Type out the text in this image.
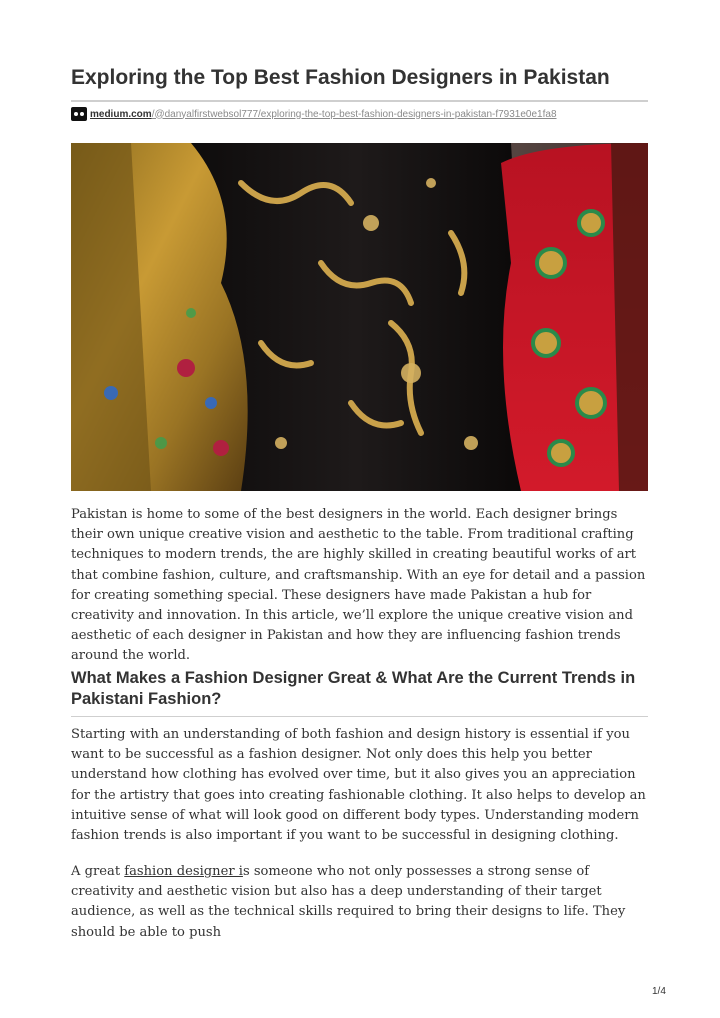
Exploring the Top Best Fashion Designers in Pakistan
medium.com /@danyalfirstwebsol777/exploring-the-top-best-fashion-designers-in-pakistan-f7931e0e1fa8

Pakistan is home to some of the best designers in the world. Each designer brings their own unique creative vision and aesthetic to the table. From traditional crafting techniques to modern trends, the are highly skilled in creating beautiful works of art that combine fashion, culture, and craftsmanship. With an eye for detail and a passion for creating something special. These designers have made Pakistan a hub for creativity and innovation. In this article, we’ll explore the unique creative vision and aesthetic of each designer in Pakistan and how they are influencing fashion trends around the world.

What Makes a Fashion Designer Great & What Are the Current Trends in Pakistani Fashion?

Starting with an understanding of both fashion and design history is essential if you want to be successful as a fashion designer. Not only does this help you better understand how clothing has evolved over time, but it also gives you an appreciation for the artistry that goes into creating fashionable clothing. It also helps to develop an intuitive sense of what will look good on different body types. Understanding modern fashion trends is also important if you want to be successful in designing clothing.

A great fashion designer is someone who not only possesses a strong sense of creativity and aesthetic vision but also has a deep understanding of their target audience, as well as the technical skills required to bring their designs to life. They should be able to push

1/4
